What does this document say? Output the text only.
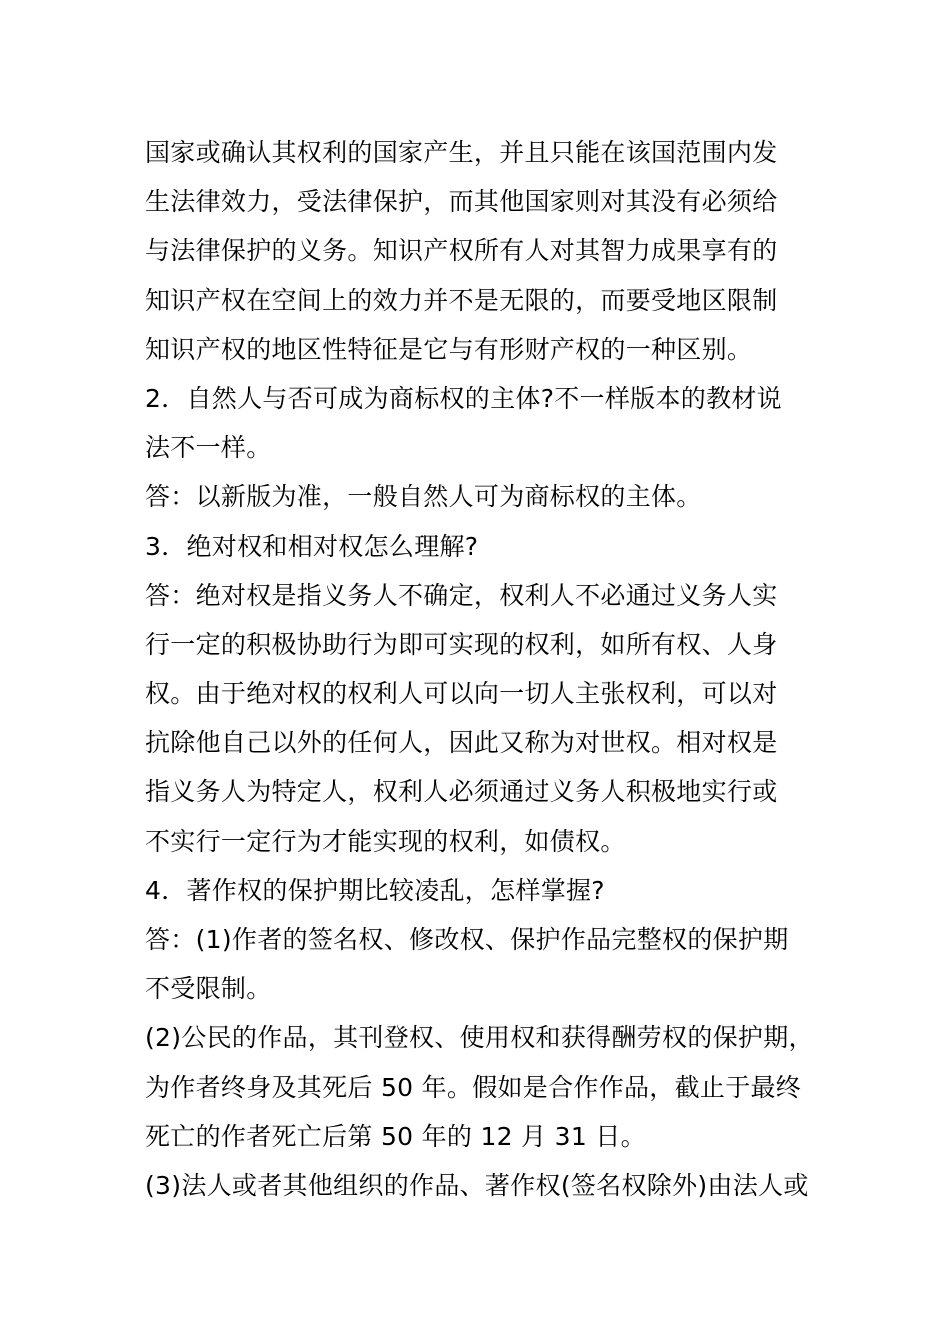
国家或确认其权利的国家产生，并且只能在该国范围内发
生法律效力，受法律保护，而其他国家则对其没有必须给
与法律保护的义务。知识产权所有人对其智力成果享有的
知识产权在空间上的效力并不是无限的，而要受地区限制
知识产权的地区性特征是它与有形财产权的一种区别。
2．自然人与否可成为商标权的主体?不一样版本的教材说
法不一样。
答：以新版为准，一般自然人可为商标权的主体。
3．绝对权和相对权怎么理解?
答：绝对权是指义务人不确定，权利人不必通过义务人实
行一定的积极协助行为即可实现的权利，如所有权、人身
权。由于绝对权的权利人可以向一切人主张权利，可以对
抗除他自己以外的任何人，因此又称为对世权。相对权是
指义务人为特定人，权利人必须通过义务人积极地实行或
不实行一定行为才能实现的权利，如债权。
4．著作权的保护期比较凌乱，怎样掌握?
答：(1)作者的签名权、修改权、保护作品完整权的保护期
不受限制。
(2)公民的作品，其刊登权、使用权和获得酬劳权的保护期，
为作者终身及其死后 50 年。假如是合作作品，截止于最终
死亡的作者死亡后第 50 年的 12 月 31 日。
(3)法人或者其他组织的作品、著作权(签名权除外)由法人或
